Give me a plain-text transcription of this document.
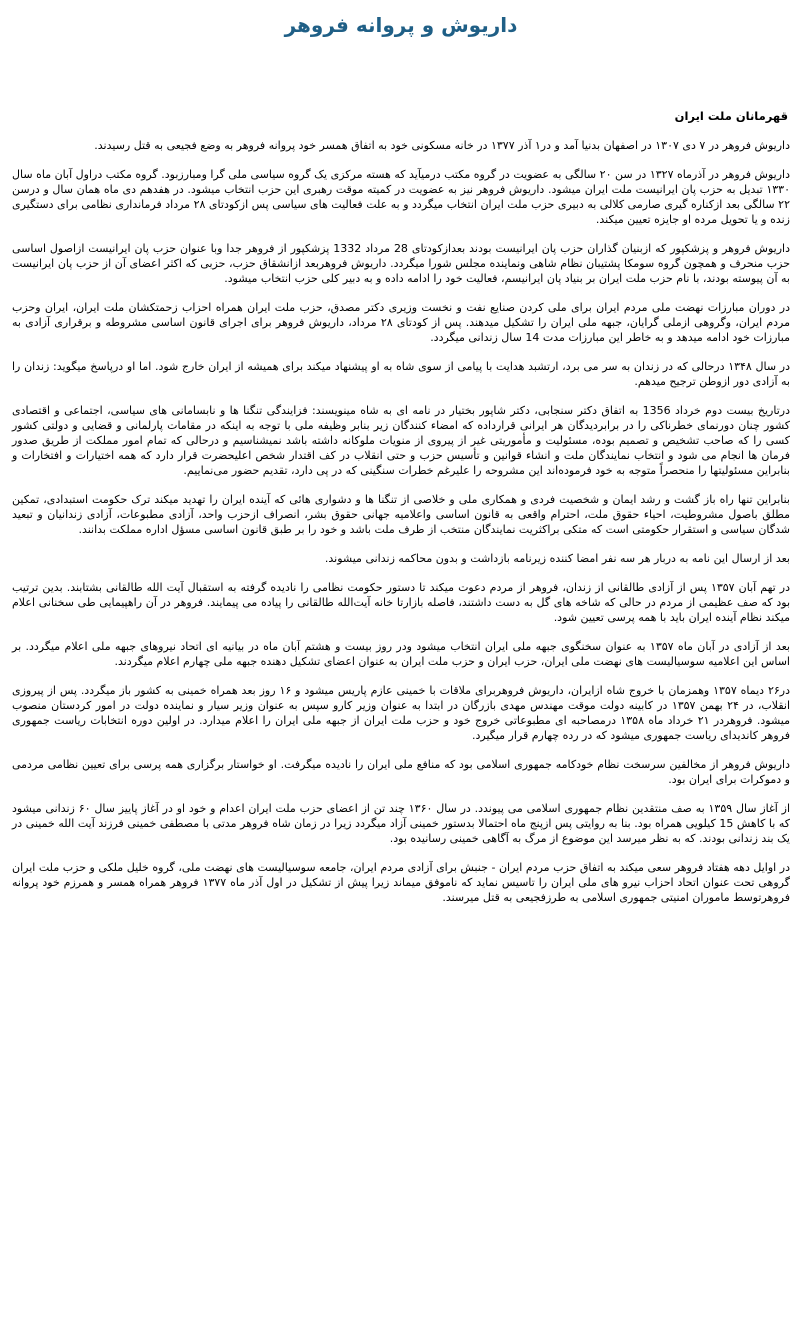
داریوش و پروانه فروهر
قهرمانان ملت ایران

داریوش فروهر در ۷ دی ۱۳۰۷ در اصفهان بدنیا آمد و در۱ آذر ۱۳۷۷ در خانه مسکونی خود به اتفاق همسر خود پروانه فروهر به وضع فجیعی به قتل رسیدند.

داریوش فروهر در آذرماه ۱۳۲۷ در سن ۲۰ سالگی به عضویت در گروه مکتب درمیآید که هسته مرکزی یک گروه سیاسی ملی گرا ومبارزبود. گروه مکتب دراول آبان ماه سال ۱۳۳۰ تبدیل به حزب پان ایرانیست ملت ایران میشود. داریوش فروهر نیز به عضویت در کمیته موقت رهبری این حزب انتخاب میشود. در هفدهم دی ماه همان سال و درسن ۲۲ سالگی بعد ازکناره گیری صارمی کلالی به دبیری حزب ملت ایران انتخاب میگردد و به علت فعالیت های سیاسی پس ازکودتای ۲۸ مرداد فرمانداری نظامی برای دستگیری زنده و یا تحویل مرده او جایزه تعیین میکند.

داریوش فروهر و پزشکپور که ازبنیان گذاران حزب پان ایرانیست بودند بعدازکودتای 28 مرداد 1332 پزشکپور از فروهر جدا وبا عنوان حزب پان ایرانیست ازاصول اساسی حزب منحرف و همچون گروه سومکا پشتیبان نظام شاهی ونماینده مجلس شورا میگردد. داریوش فروهربعد ازانشقاق حزب، حزبی که اکثر اعضای آن از حزب پان ایرانیست به آن پیوسته بودند، با نام حزب ملت ایران بر بنیاد پان ایرانیسم، فعالیت خود را ادامه داده و به دبیر کلی حزب انتخاب میشود.

در دوران مبارزات نهضت ملی مردم ایران برای ملی کردن صنایع نفت و نخست وزیری دکتر مصدق، حزب ملت ایران همراه احزاب زحمتکشان ملت ایران، ایران وحزب مردم ایران، وگروهی ازملی گرایان، جبهه ملی ایران را تشکیل میدهند. پس از کودتای ۲۸ مرداد، داریوش فروهر برای اجرای قانون اساسی مشروطه و برقراری آزادی به مبارزات خود ادامه میدهد و به خاطر این مبارزات مدت 14 سال زندانی میگردد.

در سال ۱۳۴۸ درحالی که در زندان به سر می برد، ارتشبد هدایت با پیامی از سوی شاه به او پیشنهاد میکند برای همیشه از ایران خارج شود. اما او درپاسخ میگوید: زندان را به آزادی دور ازوطن ترجیح میدهم.

درتاریخ بیست دوم خرداد 1356 به اتفاق دکتر سنجابی، دکتر شاپور بختیار در نامه ای به شاه مینویسند: فزایندگی تنگنا ها و نابسامانی های سیاسی، اجتماعی و اقتصادی کشور چنان دورنمای خطرناکی را در برابردیدگان هر ایرانی قرارداده که امضاء کنندگان زیر بنابر وظیفه ملی با توجه به اینکه در مقامات پارلمانی و قضایی و دولتی کشور کسی را که صاحب تشخیص و تصمیم بوده، مسئولیت و مأموریتی غیر از پیروی از منویات ملوکانه داشته باشد نمیشناسیم و درحالی که تمام امور مملکت از طریق صدور فرمان ها انجام می شود و انتخاب نمایندگان ملت و انشاء قوانین و تأسیس حزب و حتی انقلاب در کف اقتدار شخص اعلیحضرت قرار دارد که همه اختیارات و افتخارات و بنابراین مسئولیتها را منحصراً متوجه به خود فرموده‌اند این مشروحه را علیرغم خطرات سنگینی که در پی دارد، تقدیم حضور می‌نماییم.

بنابراین تنها راه باز گشت و رشد ایمان و شخصیت فردی و همکاری ملی و خلاصی از تنگنا ها و دشواری هائی که آینده ایران را تهدید میکند ترک حکومت استبدادی، تمکین مطلق باصول مشروطیت، احیاء حقوق ملت، احترام واقعی به قانون اساسی واعلامیه جهانی حقوق بشر، انصراف ازحزب واحد، آزادی مطبوعات، آزادی زندانیان و تبعید شدگان سیاسی و استقرار حکومتی است که متکی براکثریت نمایندگان منتخب از طرف ملت باشد و خود را بر طبق قانون اساسی مسؤل اداره مملکت بدانند.

بعد از ارسال این نامه به دربار هر سه نفر امضا کننده زیرنامه بازداشت و بدون محاکمه زندانی میشوند.

در تهم آبان ۱۳۵۷ پس از آزادی طالقانی از زندان، فروهر از مردم دعوت میکند تا دستور حکومت نظامی را نادیده گرفته به استقبال آیت الله طالقانی بشتابند. بدین ترتیب بود که صف عظیمی از مردم در حالی که شاخه های گل به دست داشتند، فاصله بازارتا خانه آیت‌الله طالقانی را پیاده می پیمایند. فروهر در آن راهپیمایی طی سخنانی اعلام میکند نظام آینده ایران باید با همه پرسی تعیین شود.

بعد از آزادی در آبان ماه ۱۳۵۷ به عنوان سخنگوی جبهه ملی ایران انتخاب میشود ودر روز بیست و هشتم آبان ماه در بیانیه ای اتحاد نیروهای جبهه ملی اعلام میگردد. بر اساس این اعلامیه سوسیالیست های نهضت ملی ایران، حزب ایران و حزب ملت ایران به عنوان اعضای تشکیل دهنده جبهه ملی چهارم اعلام میگردند.

در۲۶ دیماه ۱۳۵۷ وهمزمان با خروج شاه ازایران، داریوش فروهربرای ملاقات با خمینی عازم پاریس میشود و ۱۶ روز بعد همراه خمینی به کشور باز میگردد. پس از پیروزی انقلاب، در ۲۴ بهمن ۱۳۵۷ در کابینه دولت موقت مهندس مهدی بازرگان در ابتدا به عنوان وزیر کارو سپس به عنوان وزیر سیار و نماینده دولت در امور کردستان منصوب میشود. فروهردر ۲۱ خرداد ماه ۱۳۵۸ درمصاحبه ای مطبوعاتی خروج خود و حزب ملت ایران از جبهه ملی ایران را اعلام میدارد. در اولین دوره انتخابات ریاست جمهوری فروهر کاندیدای ریاست جمهوری میشود که در رده چهارم قرار میگیرد.

داریوش فروهر از مخالفین سرسخت نظام خودکامه جمهوری اسلامی بود که منافع ملی ایران را نادیده میگرفت. او خواستار برگزاری همه پرسی برای تعیین نظامی مردمی و دموکرات برای ایران بود.

از آغاز سال ۱۳۵۹ به صف منتقدین نظام جمهوری اسلامی می پیوندد. در سال ۱۳۶۰ چند تن از اعضای حزب ملت ایران اعدام و خود او در آغاز پاییز سال ۶۰ زندانی میشود که با کاهش 15 کیلویی همراه بود. بنا به روایتی پس ازپنج ماه احتمالا بدستور خمینی آزاد میگردد زیرا در زمان شاه فروهر مدتی با مصطفی خمینی فرزند آیت الله خمینی در یک بند زندانی بودند. که به نظر میرسد این موضوع از مرگ به آگاهی خمینی رسانیده بود.

در اوایل دهه هفتاد فروهر سعی میکند به اتفاق حزب مردم ایران - جنبش برای آزادی مردم ایران، جامعه سوسیالیست های نهضت ملی، گروه خلیل ملکی و حزب ملت ایران گروهی تحت عنوان اتحاد احزاب نیرو های ملی ایران را تاسیس نماید که ناموفق میماند زیرا پیش از تشکیل در اول آذر ماه ۱۳۷۷ فروهر همراه همسر و همرزم خود پروانه فروهرتوسط ماموران امنیتی جمهوری اسلامی به طرزفجیعی به قتل میرسند.
